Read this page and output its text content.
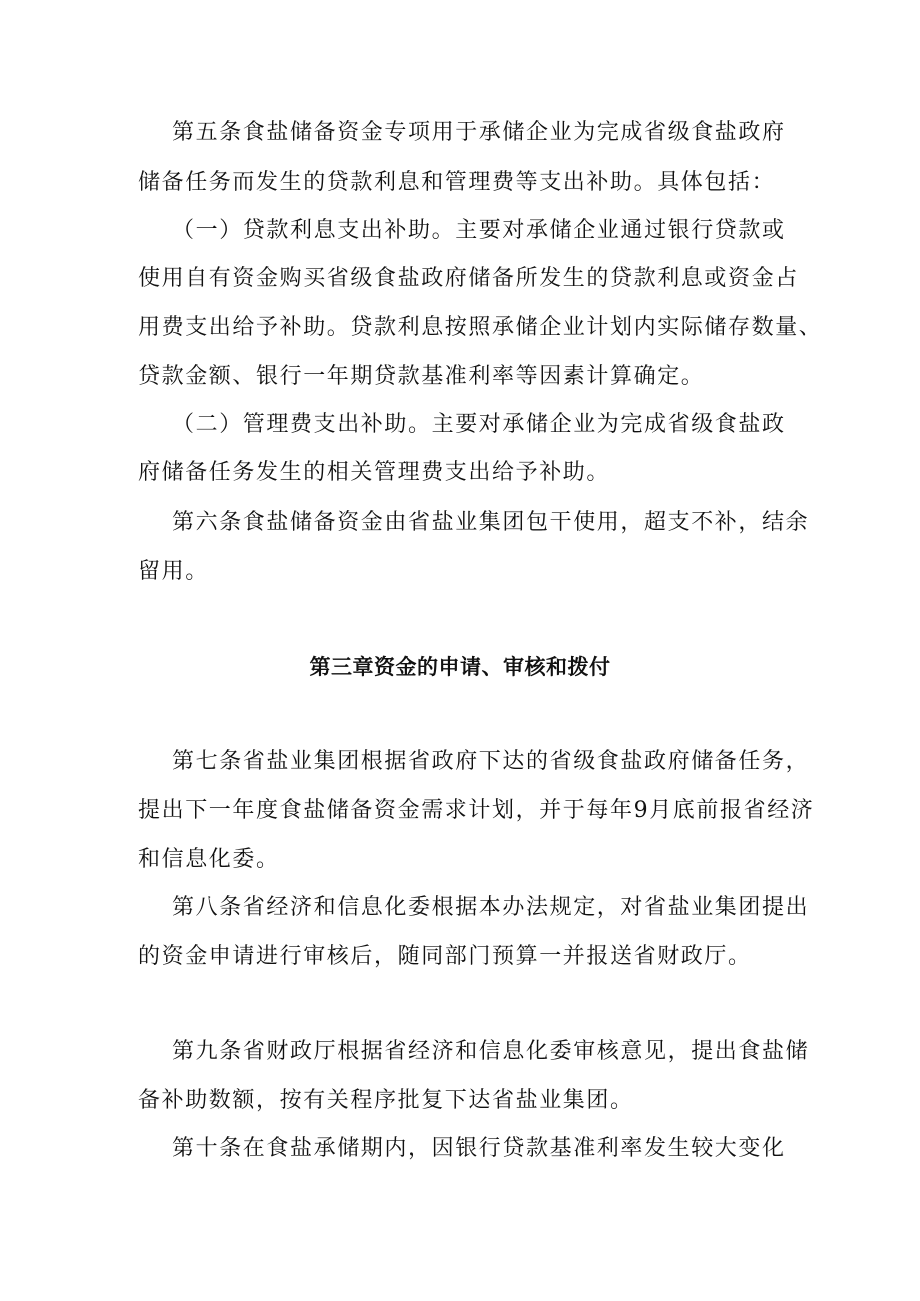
第五条食盐储备资金专项用于承储企业为完成省级食盐政府
储备任务而发生的贷款利息和管理费等支出补助。具体包括：
（一）贷款利息支出补助。主要对承储企业通过银行贷款或
使用自有资金购买省级食盐政府储备所发生的贷款利息或资金占
用费支出给予补助。贷款利息按照承储企业计划内实际储存数量、
贷款金额、银行一年期贷款基准利率等因素计算确定。
（二）管理费支出补助。主要对承储企业为完成省级食盐政
府储备任务发生的相关管理费支出给予补助。
第六条食盐储备资金由省盐业集团包干使用，超支不补，结余
留用。
第三章资金的申请、审核和拨付
第七条省盐业集团根据省政府下达的省级食盐政府储备任务，
提出下一年度食盐储备资金需求计划，并于每年9月底前报省经济
和信息化委。
第八条省经济和信息化委根据本办法规定，对省盐业集团提出
的资金申请进行审核后，随同部门预算一并报送省财政厅。
第九条省财政厅根据省经济和信息化委审核意见，提出食盐储
备补助数额，按有关程序批复下达省盐业集团。
第十条在食盐承储期内，因银行贷款基准利率发生较大变化
